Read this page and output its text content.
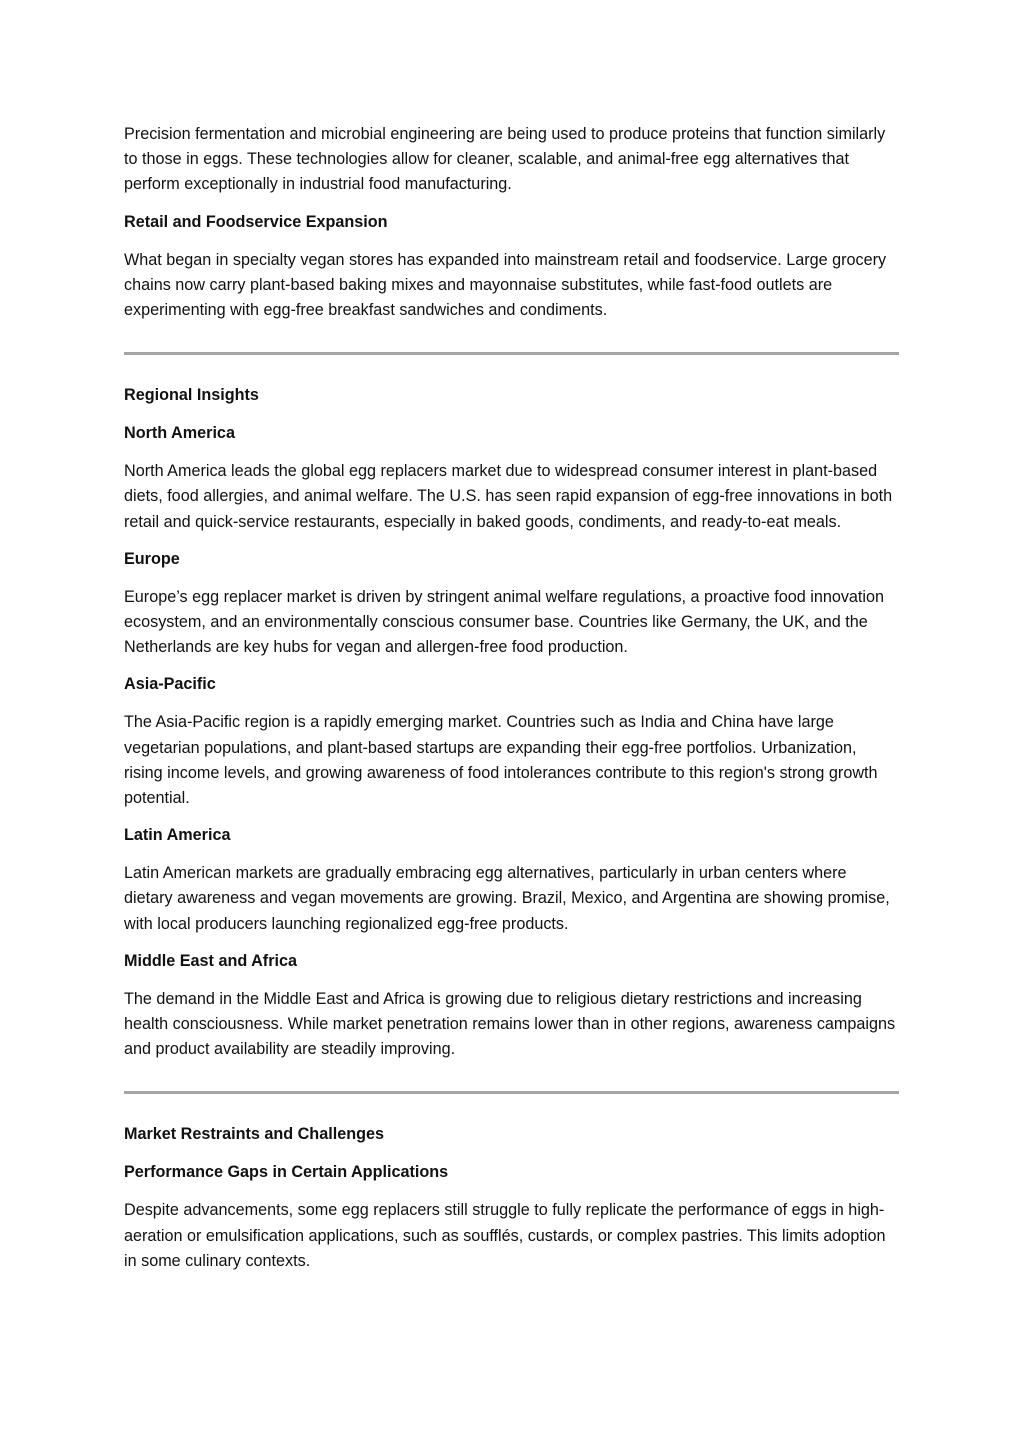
Precision fermentation and microbial engineering are being used to produce proteins that function similarly to those in eggs. These technologies allow for cleaner, scalable, and animal-free egg alternatives that perform exceptionally in industrial food manufacturing.

Retail and Foodservice Expansion

What began in specialty vegan stores has expanded into mainstream retail and foodservice. Large grocery chains now carry plant-based baking mixes and mayonnaise substitutes, while fast-food outlets are experimenting with egg-free breakfast sandwiches and condiments.

Regional Insights

North America

North America leads the global egg replacers market due to widespread consumer interest in plant-based diets, food allergies, and animal welfare. The U.S. has seen rapid expansion of egg-free innovations in both retail and quick-service restaurants, especially in baked goods, condiments, and ready-to-eat meals.

Europe

Europe’s egg replacer market is driven by stringent animal welfare regulations, a proactive food innovation ecosystem, and an environmentally conscious consumer base. Countries like Germany, the UK, and the Netherlands are key hubs for vegan and allergen-free food production.

Asia-Pacific

The Asia-Pacific region is a rapidly emerging market. Countries such as India and China have large vegetarian populations, and plant-based startups are expanding their egg-free portfolios. Urbanization, rising income levels, and growing awareness of food intolerances contribute to this region's strong growth potential.

Latin America

Latin American markets are gradually embracing egg alternatives, particularly in urban centers where dietary awareness and vegan movements are growing. Brazil, Mexico, and Argentina are showing promise, with local producers launching regionalized egg-free products.

Middle East and Africa

The demand in the Middle East and Africa is growing due to religious dietary restrictions and increasing health consciousness. While market penetration remains lower than in other regions, awareness campaigns and product availability are steadily improving.

Market Restraints and Challenges

Performance Gaps in Certain Applications

Despite advancements, some egg replacers still struggle to fully replicate the performance of eggs in high-aeration or emulsification applications, such as soufflés, custards, or complex pastries. This limits adoption in some culinary contexts.
